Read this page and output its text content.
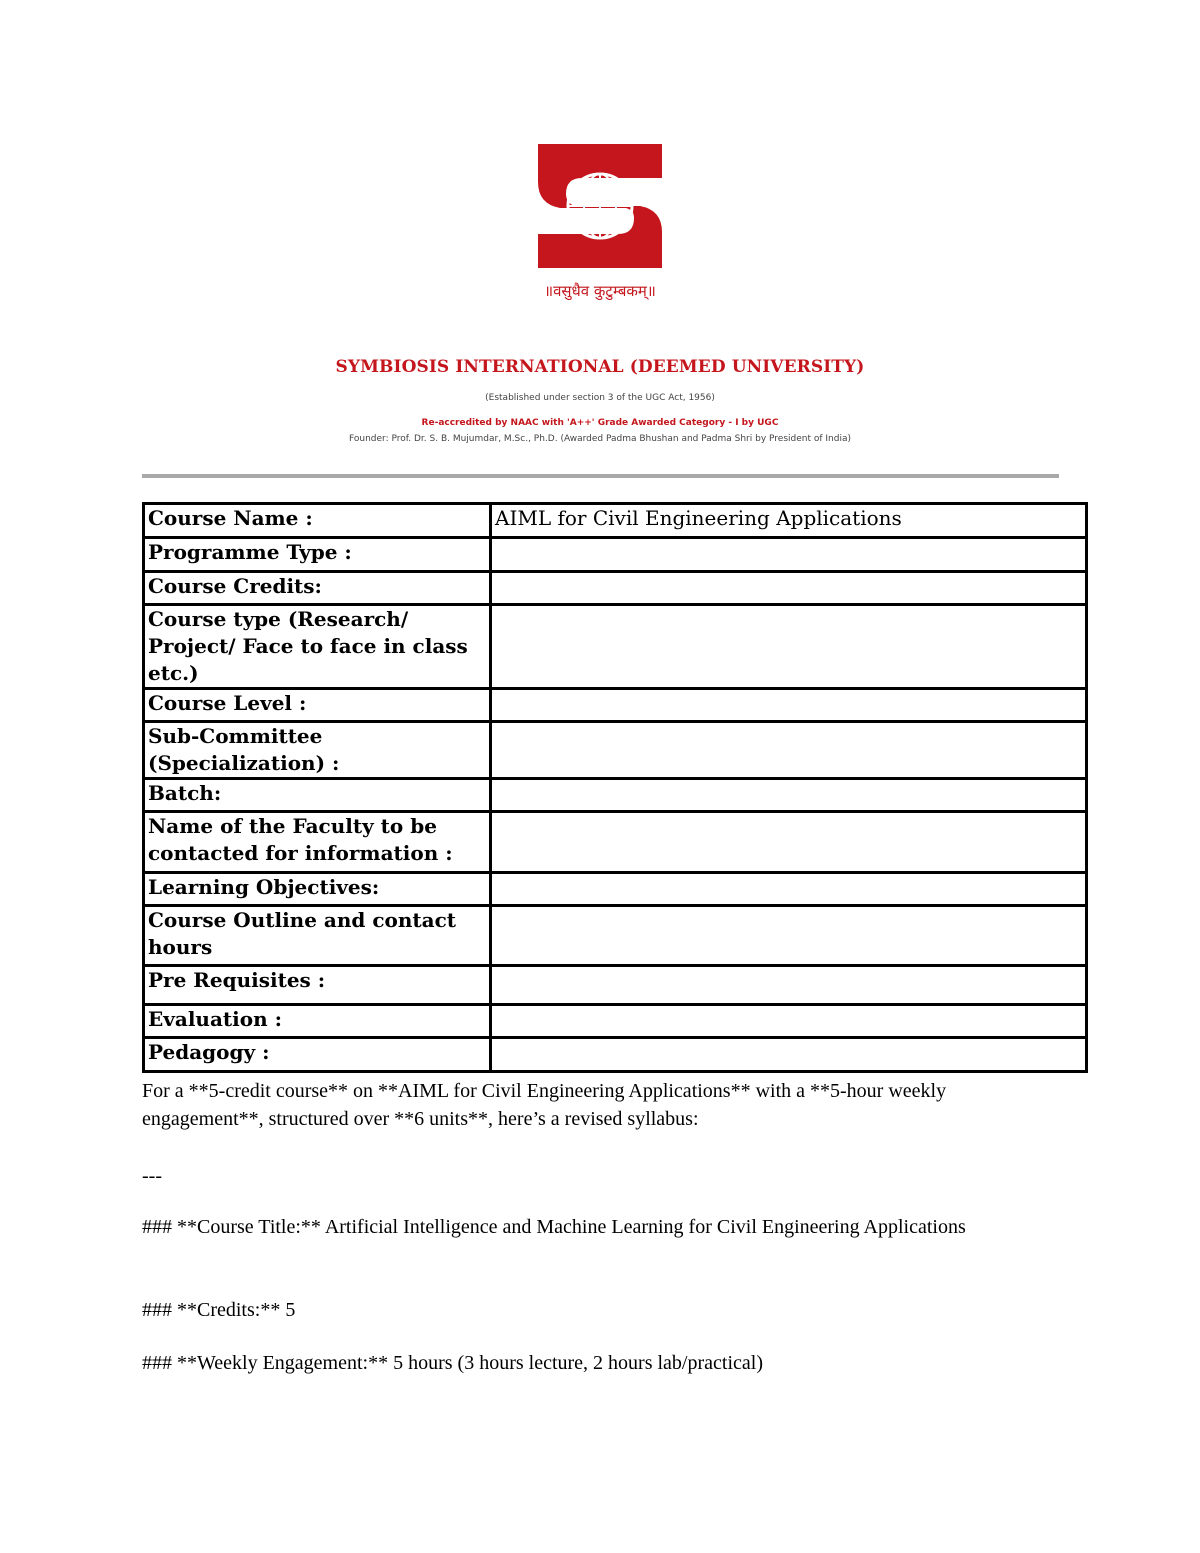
॥वसुधैव कुटुम्बकम्॥
SYMBIOSIS INTERNATIONAL (DEEMED UNIVERSITY)
(Established under section 3 of the UGC Act, 1956)
Re-accredited by NAAC with 'A++' Grade Awarded Category - I by UGC
Founder: Prof. Dr. S. B. Mujumdar, M.Sc., Ph.D. (Awarded Padma Bhushan and Padma Shri by President of India)
Course Name :	AIML for Civil Engineering Applications
Programme Type :	
Course Credits:	
Course type (Research/ Project/ Face to face in class etc.)	
Course Level :	
Sub-Committee (Specialization) :	
Batch:	
Name of the Faculty to be contacted for information :	
Learning Objectives:	
Course Outline and contact hours	
Pre Requisites :	
Evaluation :	
Pedagogy :	
For a **5-credit course** on **AIML for Civil Engineering Applications** with a **5-hour weekly engagement**, structured over **6 units**, here’s a revised syllabus:
---
### **Course Title:** Artificial Intelligence and Machine Learning for Civil Engineering Applications
### **Credits:** 5
### **Weekly Engagement:** 5 hours (3 hours lecture, 2 hours lab/practical)
